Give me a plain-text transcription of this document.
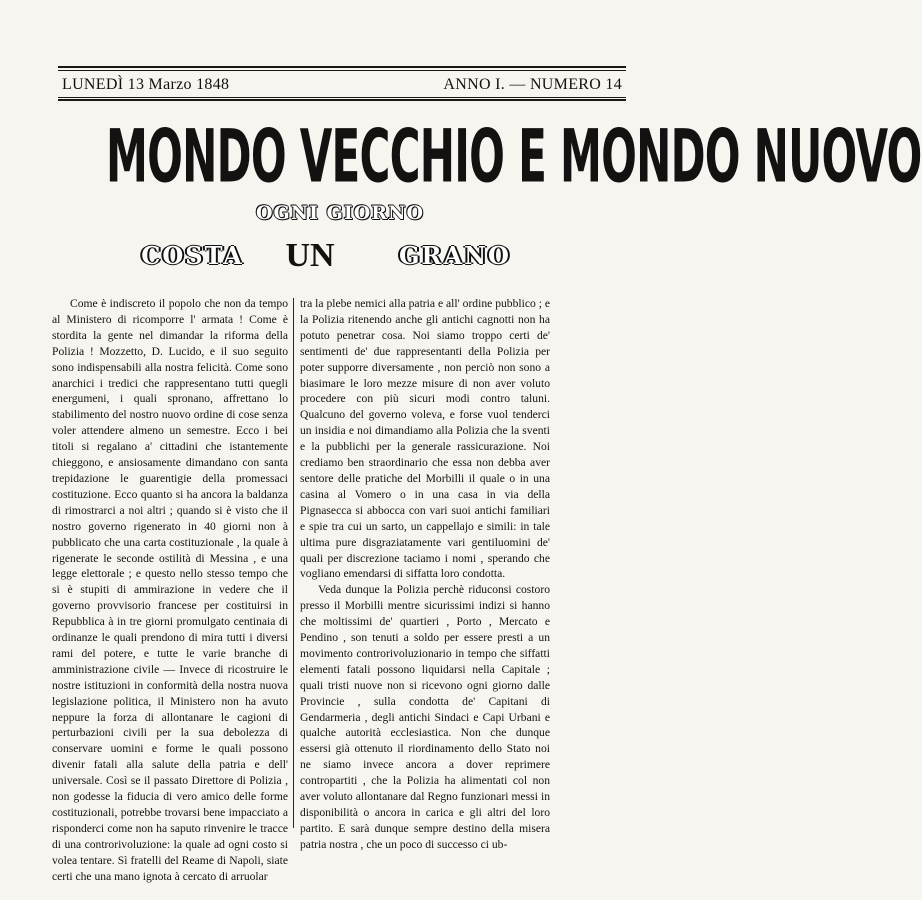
LUNEDÌ 13 Marzo 1848	ANNO I. — NUMERO 14
MONDO VECCHIO E MONDO NUOVO
OGNI GIORNO
COSTA	UN	GRANO

Come è indiscreto il popolo che non da tempo al Ministero di ricomporre l' armata ! Come è stordita la gente nel dimandar la riforma della Polizia ! Mozzetto, D. Lucido, e il suo seguito sono indispensabili alla nostra felicità. Come sono anarchici i tredici che rappresentano tutti quegli energumeni, i quali spronano, affrettano lo stabilimento del nostro nuovo ordine di cose senza voler attendere almeno un semestre. Ecco i bei titoli si regalano a' cittadini che istantemente chieggono, e ansiosamente dimandano con santa trepidazione le guarentigie della promessaci costituzione. Ecco quanto si ha ancora la baldanza di rimostrarci a noi altri ; quando si è visto che il nostro governo rigenerato in 40 giorni non à pubblicato che una carta costituzionale , la quale à rigenerate le seconde ostilità di Messina , e una legge elettorale ; e questo nello stesso tempo che si è stupiti di ammirazione in vedere che il governo provvisorio francese per costituirsi in Repubblica à in tre giorni promulgato centinaia di ordinanze le quali prendono di mira tutti i diversi rami del potere, e tutte le varie branche di amministrazione civile — Invece di ricostruire le nostre istituzioni in conformità della nostra nuova legislazione politica, il Ministero non ha avuto neppure la forza di allontanare le cagioni di perturbazioni civili per la sua debolezza di conservare uomini e forme le quali possono divenir fatali alla salute della patria e dell' universale. Così se il passato Direttore di Polizia , non godesse la fiducia di vero amico delle forme costituzionali, potrebbe trovarsi bene impacciato a risponderci come non ha saputo rinvenire le tracce di una controrivoluzione: la quale ad ogni costo si volea tentare. Sì fratelli del Reame di Napoli, siate certi che una mano ignota à cercato di arruolar

tra la plebe nemici alla patria e all' ordine pubblico ; e la Polizia ritenendo anche gli antichi cagnotti non ha potuto penetrar cosa. Noi siamo troppo certi de' sentimenti de' due rappresentanti della Polizia per poter supporre diversamente , non perciò non sono a biasimare le loro mezze misure di non aver voluto procedere con più sicuri modi contro taluni. Qualcuno del governo voleva, e forse vuol tenderci un insidia e noi dimandiamo alla Polizia che la sventi e la pubblichi per la generale rassicurazione. Noi crediamo ben straordinario che essa non debba aver sentore delle pratiche del Morbilli il quale o in una casina al Vomero o in una casa in via della Pignasecca si abbocca con vari suoi antichi familiari e spie tra cui un sarto, un cappellajo e simili: in tale ultima pure disgraziatamente vari gentiluomini de' quali per discrezione taciamo i nomi , sperando che vogliano emendarsi di siffatta loro condotta.

Veda dunque la Polizia perchè riduconsi costoro presso il Morbilli mentre sicurissimi indizi si hanno che moltissimi de' quartieri , Porto , Mercato e Pendino , son tenuti a soldo per essere presti a un movimento controrivoluzionario in tempo che siffatti elementi fatali possono liquidarsi nella Capitale ; quali tristi nuove non si ricevono ogni giorno dalle Provincie , sulla condotta de' Capitani di Gendarmeria , degli antichi Sindaci e Capi Urbani e qualche autorità ecclesiastica. Non che dunque essersi già ottenuto il riordinamento dello Stato noi ne siamo invece ancora a dover reprimere contropartiti , che la Polizia ha alimentati col non aver voluto allontanare dal Regno funzionari messi in disponibilità o ancora in carica e gli altri del loro partito. E sarà dunque sempre destino della misera patria nostra , che un poco di successo ci ub-
